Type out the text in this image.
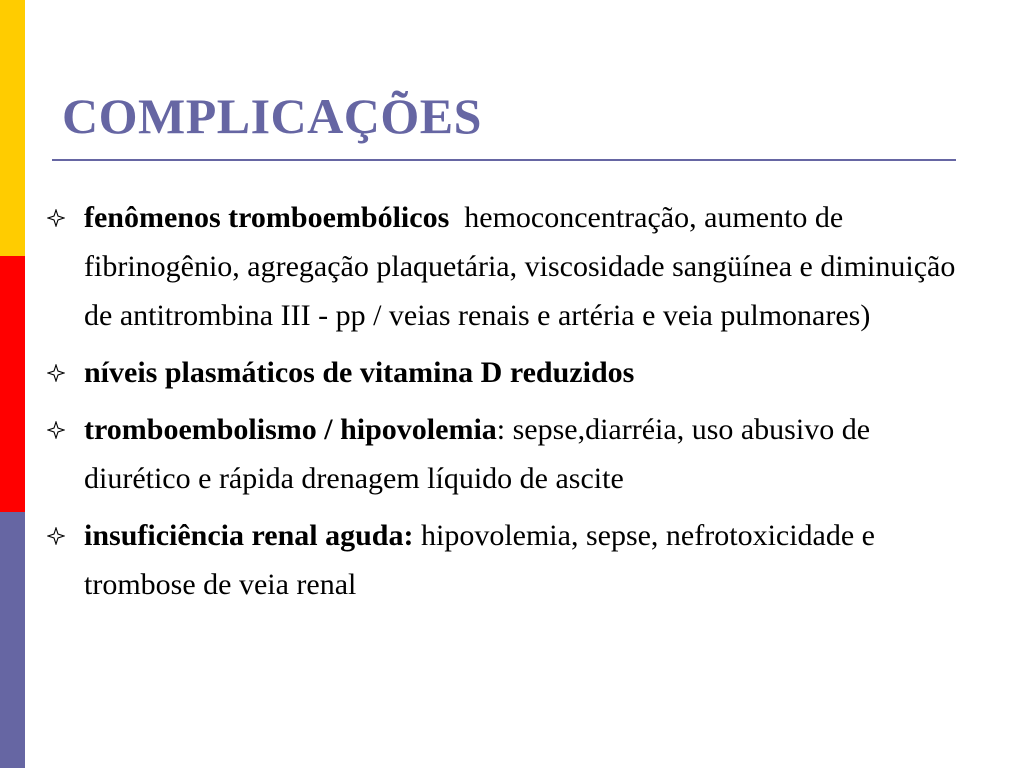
COMPLICAÇÕES
fenômenos tromboembólicos  hemoconcentração, aumento de fibrinogênio, agregação plaquetária, viscosidade sangüínea e diminuição de antitrombina III - pp / veias renais e artéria e veia pulmonares)
níveis plasmáticos de vitamina D reduzidos
tromboembolismo / hipovolemia: sepse,diarréia, uso abusivo de diurético e rápida drenagem líquido de ascite
insuficiência renal aguda: hipovolemia, sepse, nefrotoxicidade e trombose de veia renal
